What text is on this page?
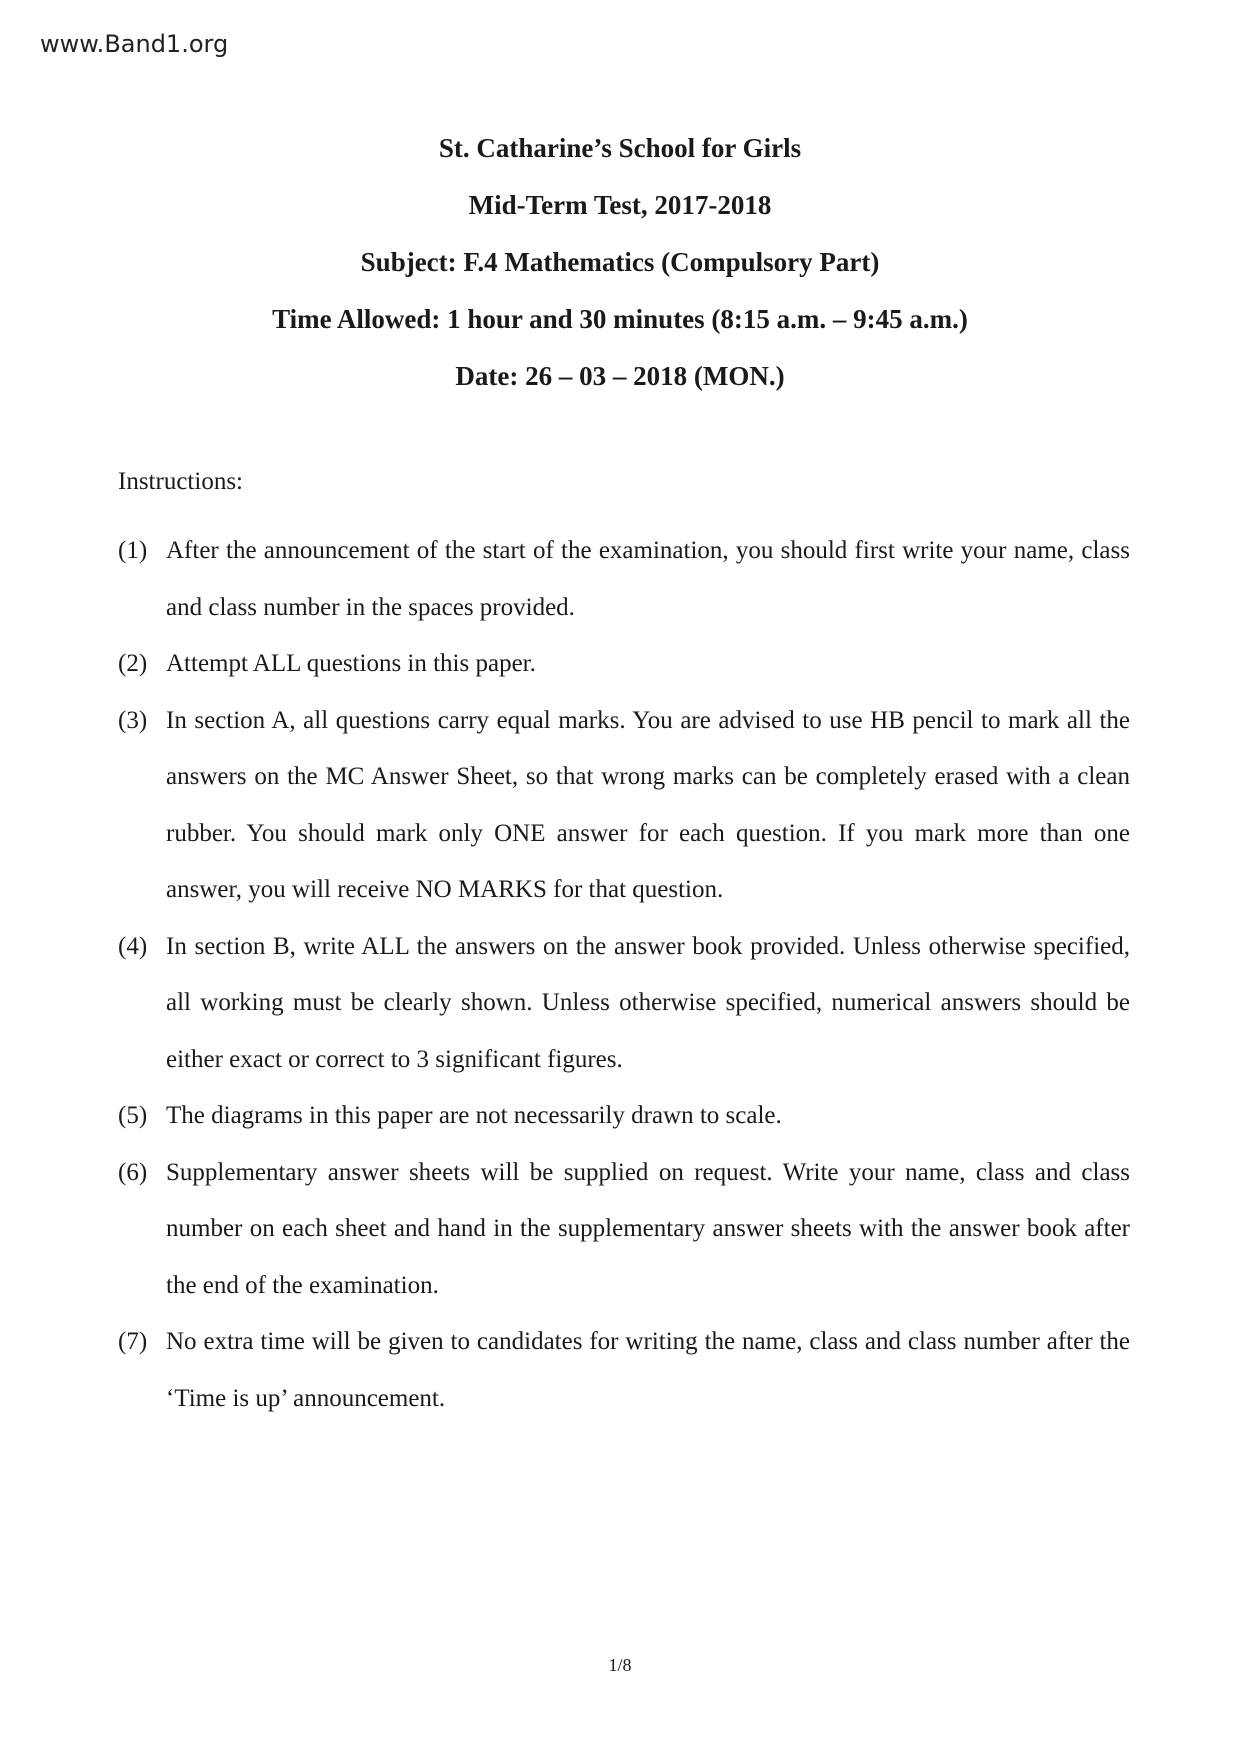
www.Band1.org
St. Catharine’s School for Girls
Mid-Term Test, 2017-2018
Subject: F.4 Mathematics (Compulsory Part)
Time Allowed: 1 hour and 30 minutes (8:15 a.m. – 9:45 a.m.)
Date: 26 – 03 – 2018 (MON.)
Instructions:
(1) After the announcement of the start of the examination, you should first write your name, class and class number in the spaces provided.
(2) Attempt ALL questions in this paper.
(3) In section A, all questions carry equal marks. You are advised to use HB pencil to mark all the answers on the MC Answer Sheet, so that wrong marks can be completely erased with a clean rubber. You should mark only ONE answer for each question. If you mark more than one answer, you will receive NO MARKS for that question.
(4) In section B, write ALL the answers on the answer book provided. Unless otherwise specified, all working must be clearly shown. Unless otherwise specified, numerical answers should be either exact or correct to 3 significant figures.
(5) The diagrams in this paper are not necessarily drawn to scale.
(6) Supplementary answer sheets will be supplied on request. Write your name, class and class number on each sheet and hand in the supplementary answer sheets with the answer book after the end of the examination.
(7) No extra time will be given to candidates for writing the name, class and class number after the ‘Time is up’ announcement.
1/8
